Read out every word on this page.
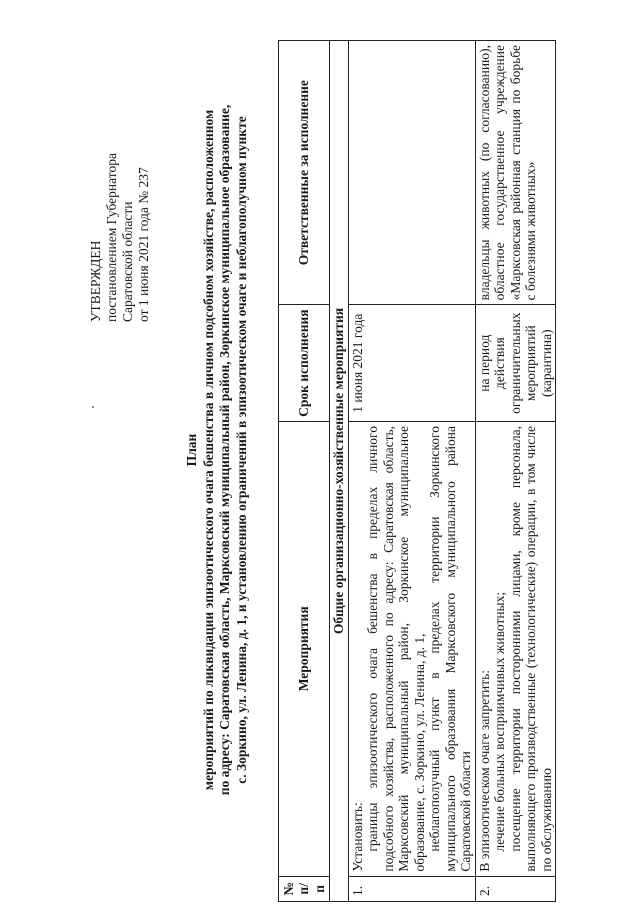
УТВЕРЖДЕН постановлением Губернатора Саратовской области от 1 июня 2021 года № 237
План мероприятий по ликвидации эпизоотического очага бешенства в личном подсобном хозяйстве, расположенном по адресу: Саратовская область, Марксовский муниципальный район, Зоркинское муниципальное образование, с. Зоркино, ул. Ленина, д. 1, и установлению ограничений в эпизоотическом очаге и неблагополучном пункте
№ п/п	Мероприятия	Срок исполнения	Ответственные за исполнение
Общие организационно-хозяйственные мероприятия			
1.	Установить: границы эпизоотического очага бешенства в пределах личного подсобного хозяйства, расположенного по адресу: Саратовская область, Марксовский муниципальный район, Зоркинское муниципальное образование, с. Зоркино, ул. Ленина, д. 1, неблагополучный пункт в пределах территории Зоркинского муниципального образования Марксовского муниципального района Саратовской области	1 июня 2021 года	
2.	В эпизоотическом очаге запретить: лечение больных восприимчивых животных; посещение территории посторонними лицами, кроме персонала, выполняющего производственные (технологические) операции, в том числе по обслуживанию	на период действия ограничительных мероприятий (карантина)	владельцы животных (по согласованию), областное государственное учреждение «Марксовская районная станция по борьбе с болезнями животных»
